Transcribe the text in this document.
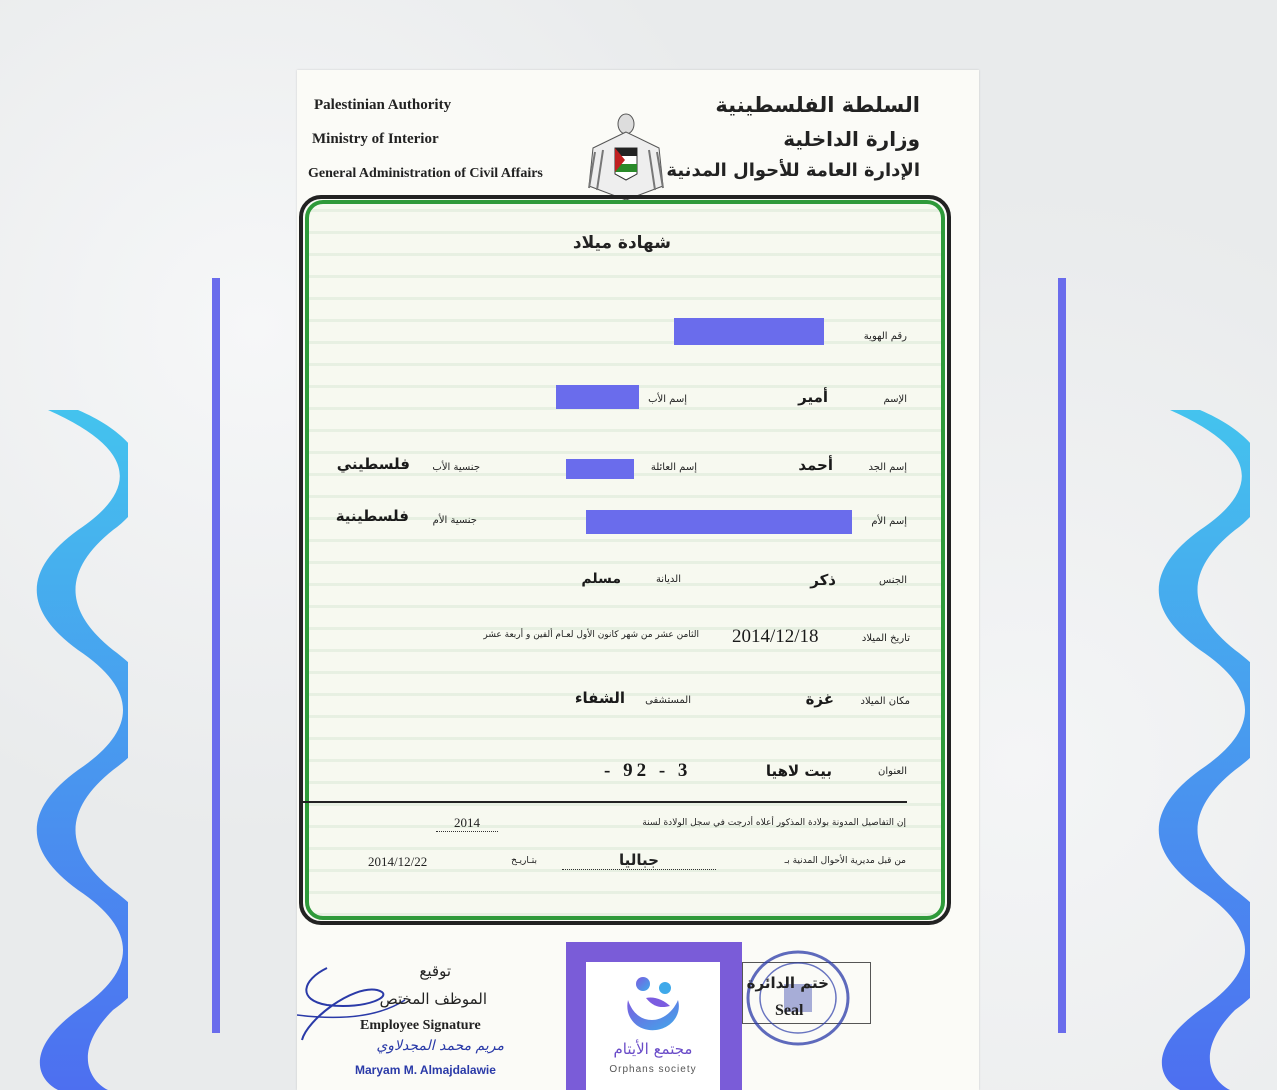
Palestinian Authority
Ministry of Interior
General Administration of Civil Affairs
السلطة الفلسطينية
وزارة الداخلية
الإدارة العامة للأحوال المدنية
شهادة ميلاد
رقم الهوية
الإسم
أمير
إسم الأب
إسم الجد
أحمد
إسم العائلة
جنسية الأب
فلسطيني
إسم الأم
جنسية الأم
فلسطينية
الجنس
ذكر
الديانة
مسلم
تاريخ الميلاد
2014/12/18
الثامن عشر من شهر كانون الأول لعـام ألفين و أربعة عشر
مكان الميلاد
غزة
المستشفى
الشفاء
العنوان
بيت لاهيا
3 - 92 -
إن التفاصيل المدونة بولادة المذكور أعلاه أدرجت في سجل الولادة لسنة
2014
من قبل مديرية الأحوال المدنية بـ
جباليا
بتـاريـخ
2014/12/22
توقيع
الموظف المختص
Employee Signature
مريم محمد المجدلاوي
Maryam M. Almajdalawie
ختم الدائرة
Seal
مجتمع الأيتام
Orphans society
